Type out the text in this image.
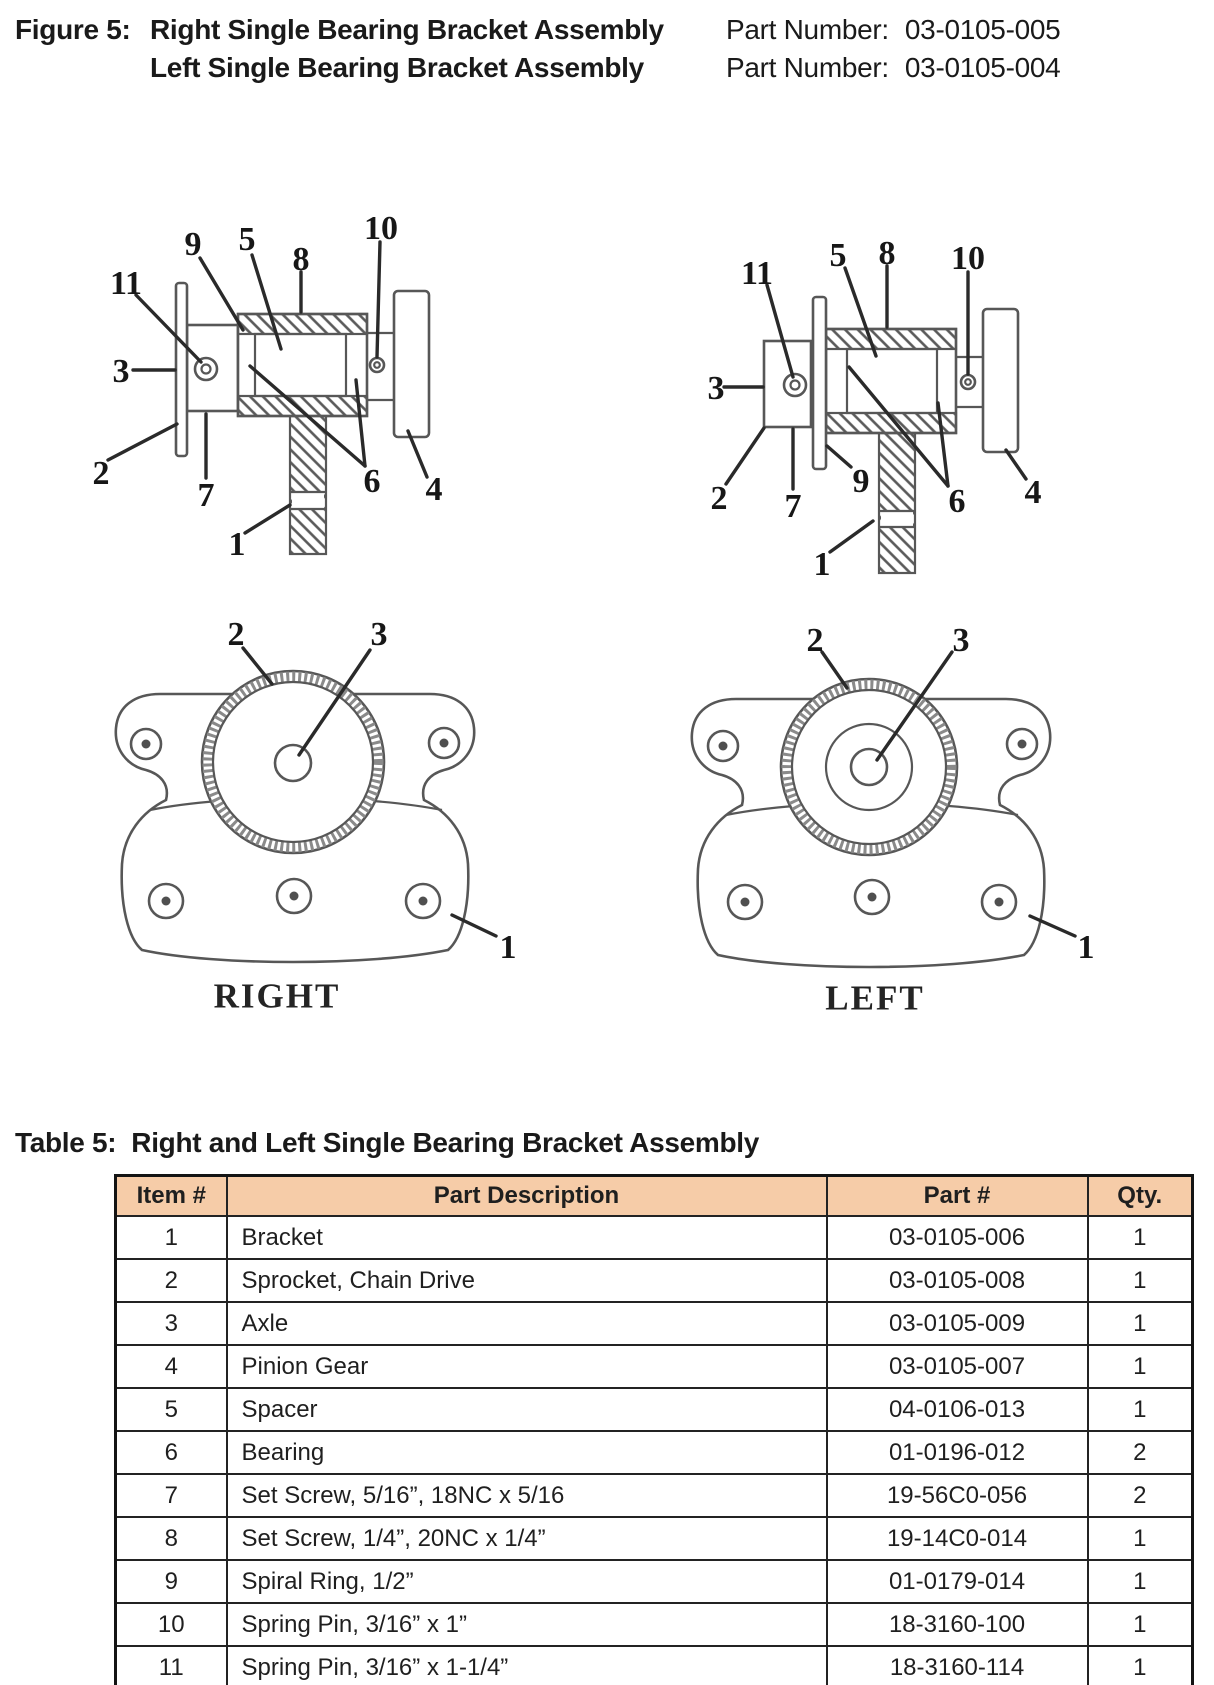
Figure 5: Right Single Bearing Bracket Assembly
Left Single Bearing Bracket Assembly
Part Number: 03-0105-005
Part Number: 03-0105-004
9 5
8
10
11
3
2
7
1
6 4
11 5 8 10
3
2 7
9
1
6 4
2	3
1
RIGHT
2	3
1
LEFT
Table 5:  Right and Left Single Bearing Bracket Assembly
Item #	Part Description	Part #	Qty.
1	Bracket	03-0105-006	1
2	Sprocket, Chain Drive	03-0105-008	1
3	Axle	03-0105-009	1
4	Pinion Gear	03-0105-007	1
5	Spacer	04-0106-013	1
6	Bearing	01-0196-012	2
7	Set Screw, 5/16”, 18NC x 5/16	19-56C0-056	2
8	Set Screw, 1/4”, 20NC x 1/4”	19-14C0-014	1
9	Spiral Ring, 1/2”	01-0179-014	1
10	Spring Pin, 3/16” x 1”	18-3160-100	1
11	Spring Pin, 3/16” x 1-1/4”	18-3160-114	1
